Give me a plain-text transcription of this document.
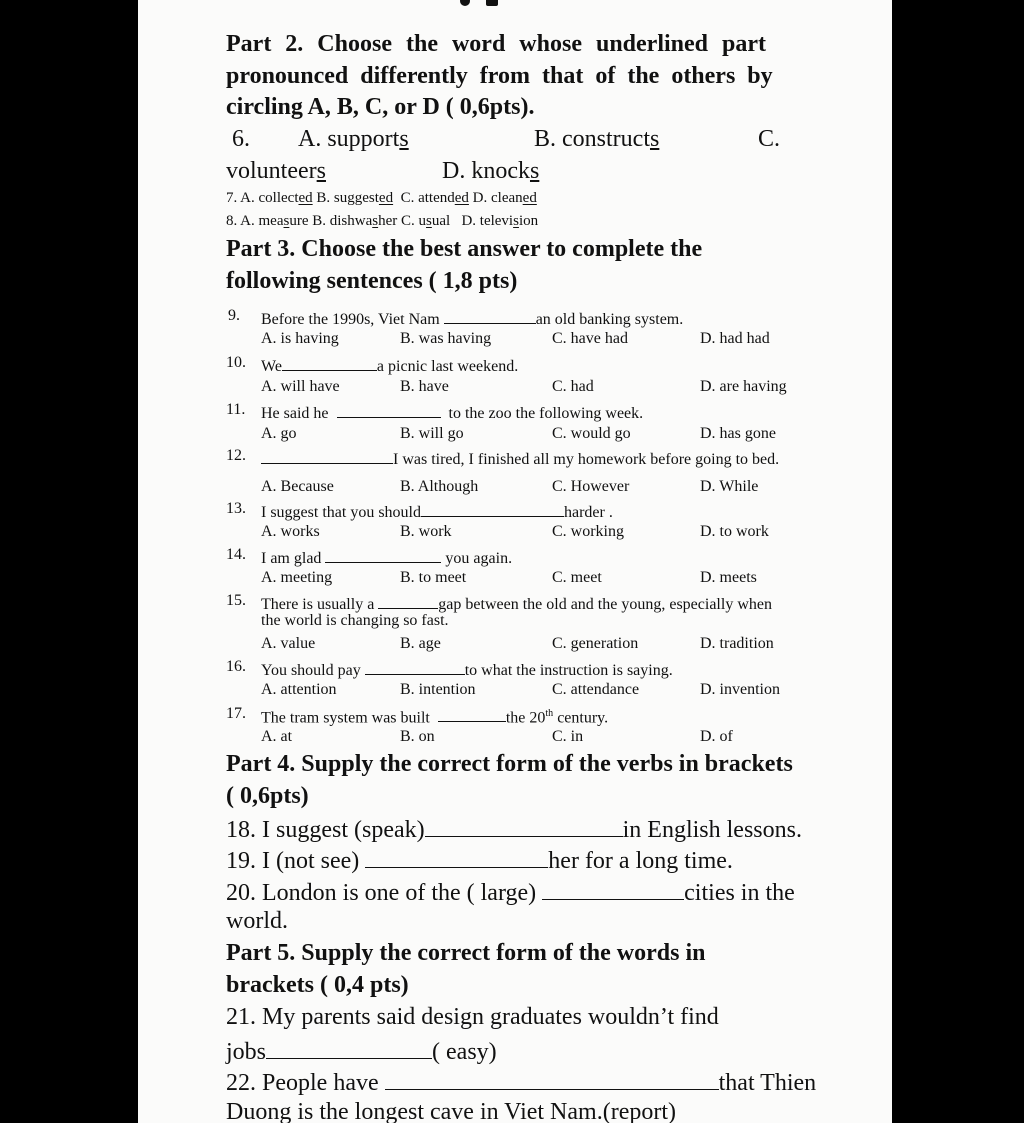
Part 2. Choose the word whose underlined part
pronounced differently from that of the others by
circling A, B, C, or D ( 0,6pts).
6. A. supports	B. constructs	C.
volunteers	D. knocks
7. A. collected B. suggested C. attended D. cleaned
8. A. measure B. dishwasher C. usual D. television
Part 3. Choose the best answer to complete the
following sentences ( 1,8 pts)
9. Before the 1990s, Viet Nam	an old banking system.
A. is having	B. was having	C. have had	D. had had
10. We	a picnic last weekend.
A. will have	B. have	C. had	D. are having
11. He said he	to the zoo the following week.
A. go	B. will go	C. would go	D. has gone
12.	I was tired, I finished all my homework before going to bed.
A. Because	B. Although	C. However	D. While
13. I suggest that you should	harder .
A. works	B. work	C. working	D. to work
14. I am glad	you again.
A. meeting	B. to meet	C. meet	D. meets
15. There is usually a	gap between the old and the young, especially when
the world is changing so fast.
A. value	B. age	C. generation	D. tradition
16. You should pay	to what the instruction is saying.
A. attention	B. intention	C. attendance	D. invention
17. The tram system was built	the 20th century.
A. at	B. on	C. in	D. of
Part 4. Supply the correct form of the verbs in brackets
( 0,6pts)
18. I suggest (speak)	in English lessons.
19. I (not see)	her for a long time.
20. London is one of the ( large)	cities in the
world.
Part 5. Supply the correct form of the words in
brackets ( 0,4 pts)
21. My parents said design graduates wouldn’t find
jobs	( easy)
22. People have	that Thien
Duong is the longest cave in Viet Nam.(report)
